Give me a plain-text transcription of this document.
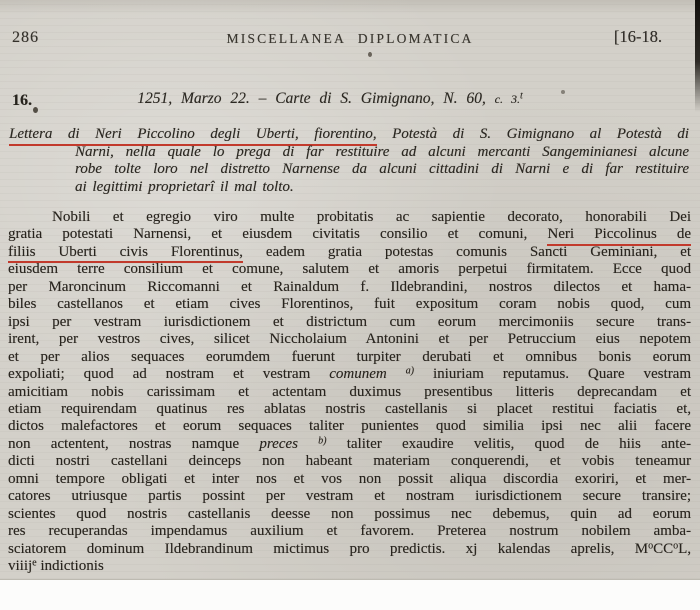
286	MISCELLANEA DIPLOMATICA	[16-18.
16.	1251, Marzo 22. – Carte di S. Gimignano, N. 60, c. 3.$^t$
Lettera di Neri Piccolino degli Uberti, fiorentino, Potestà di S. Gimignano al Potestà di
Narni, nella quale lo prega di far restituire ad alcuni mercanti Sangeminianesi alcune
robe tolte loro nel distretto Narnense da alcuni cittadini di Narni e di far restituire
ai legittimi proprietarî il mal tolto.
Nobili et egregio viro multe probitatis ac sapientie decorato, honorabili Dei
gratia potestati Narnensi, et eiusdem civitatis consilio et comuni, Neri Piccolinus de
filiis Uberti civis Florentinus, eadem gratia potestas comunis Sancti Geminiani, et
eiusdem terre consilium et comune, salutem et amoris perpetui firmitatem. Ecce quod
per Maroncinum Riccomanni et Rainaldum f. Ildebrandini, nostros dilectos et hama-
biles castellanos et etiam cives Florentinos, fuit expositum coram nobis quod, cum
ipsi per vestram iurisdictionem et districtum cum eorum mercimoniis secure trans-
irent, per vestros cives, silicet Niccholaium Antonini et per Petruccium eius nepotem
et per alios sequaces eorumdem fuerunt turpiter derubati et omnibus bonis eorum
expoliati; quod ad nostram et vestram comunem $^{a)}$ iniuriam reputamus. Quare vestram
amicitiam nobis carissimam et actentam duximus presentibus litteris deprecandam et
etiam requirendam quatinus res ablatas nostris castellanis si placet restitui faciatis et,
dictos malefactores et eorum sequaces taliter punientes quod similia ipsi nec alii facere
non actentent, nostras namque preces $^{b)}$ taliter exaudire velitis, quod de hiis ante-
dicti nostri castellani deinceps non habeant materiam conquerendi, et vobis teneamur
omni tempore obligati et inter nos et vos non possit aliqua discordia exoriri, et mer-
catores utriusque partis possint per vestram et nostram iurisdictionem secure transire;
scientes quod nostris castellanis deesse non possimus nec debemus, quin ad eorum
res recuperandas impendamus auxilium et favorem. Preterea nostrum nobilem amba-
sciatorem dominum Ildebrandinum mictimus pro predictis. xj kalendas aprelis, $M^oCC^oL$,
viiij$^e$ indictionis
